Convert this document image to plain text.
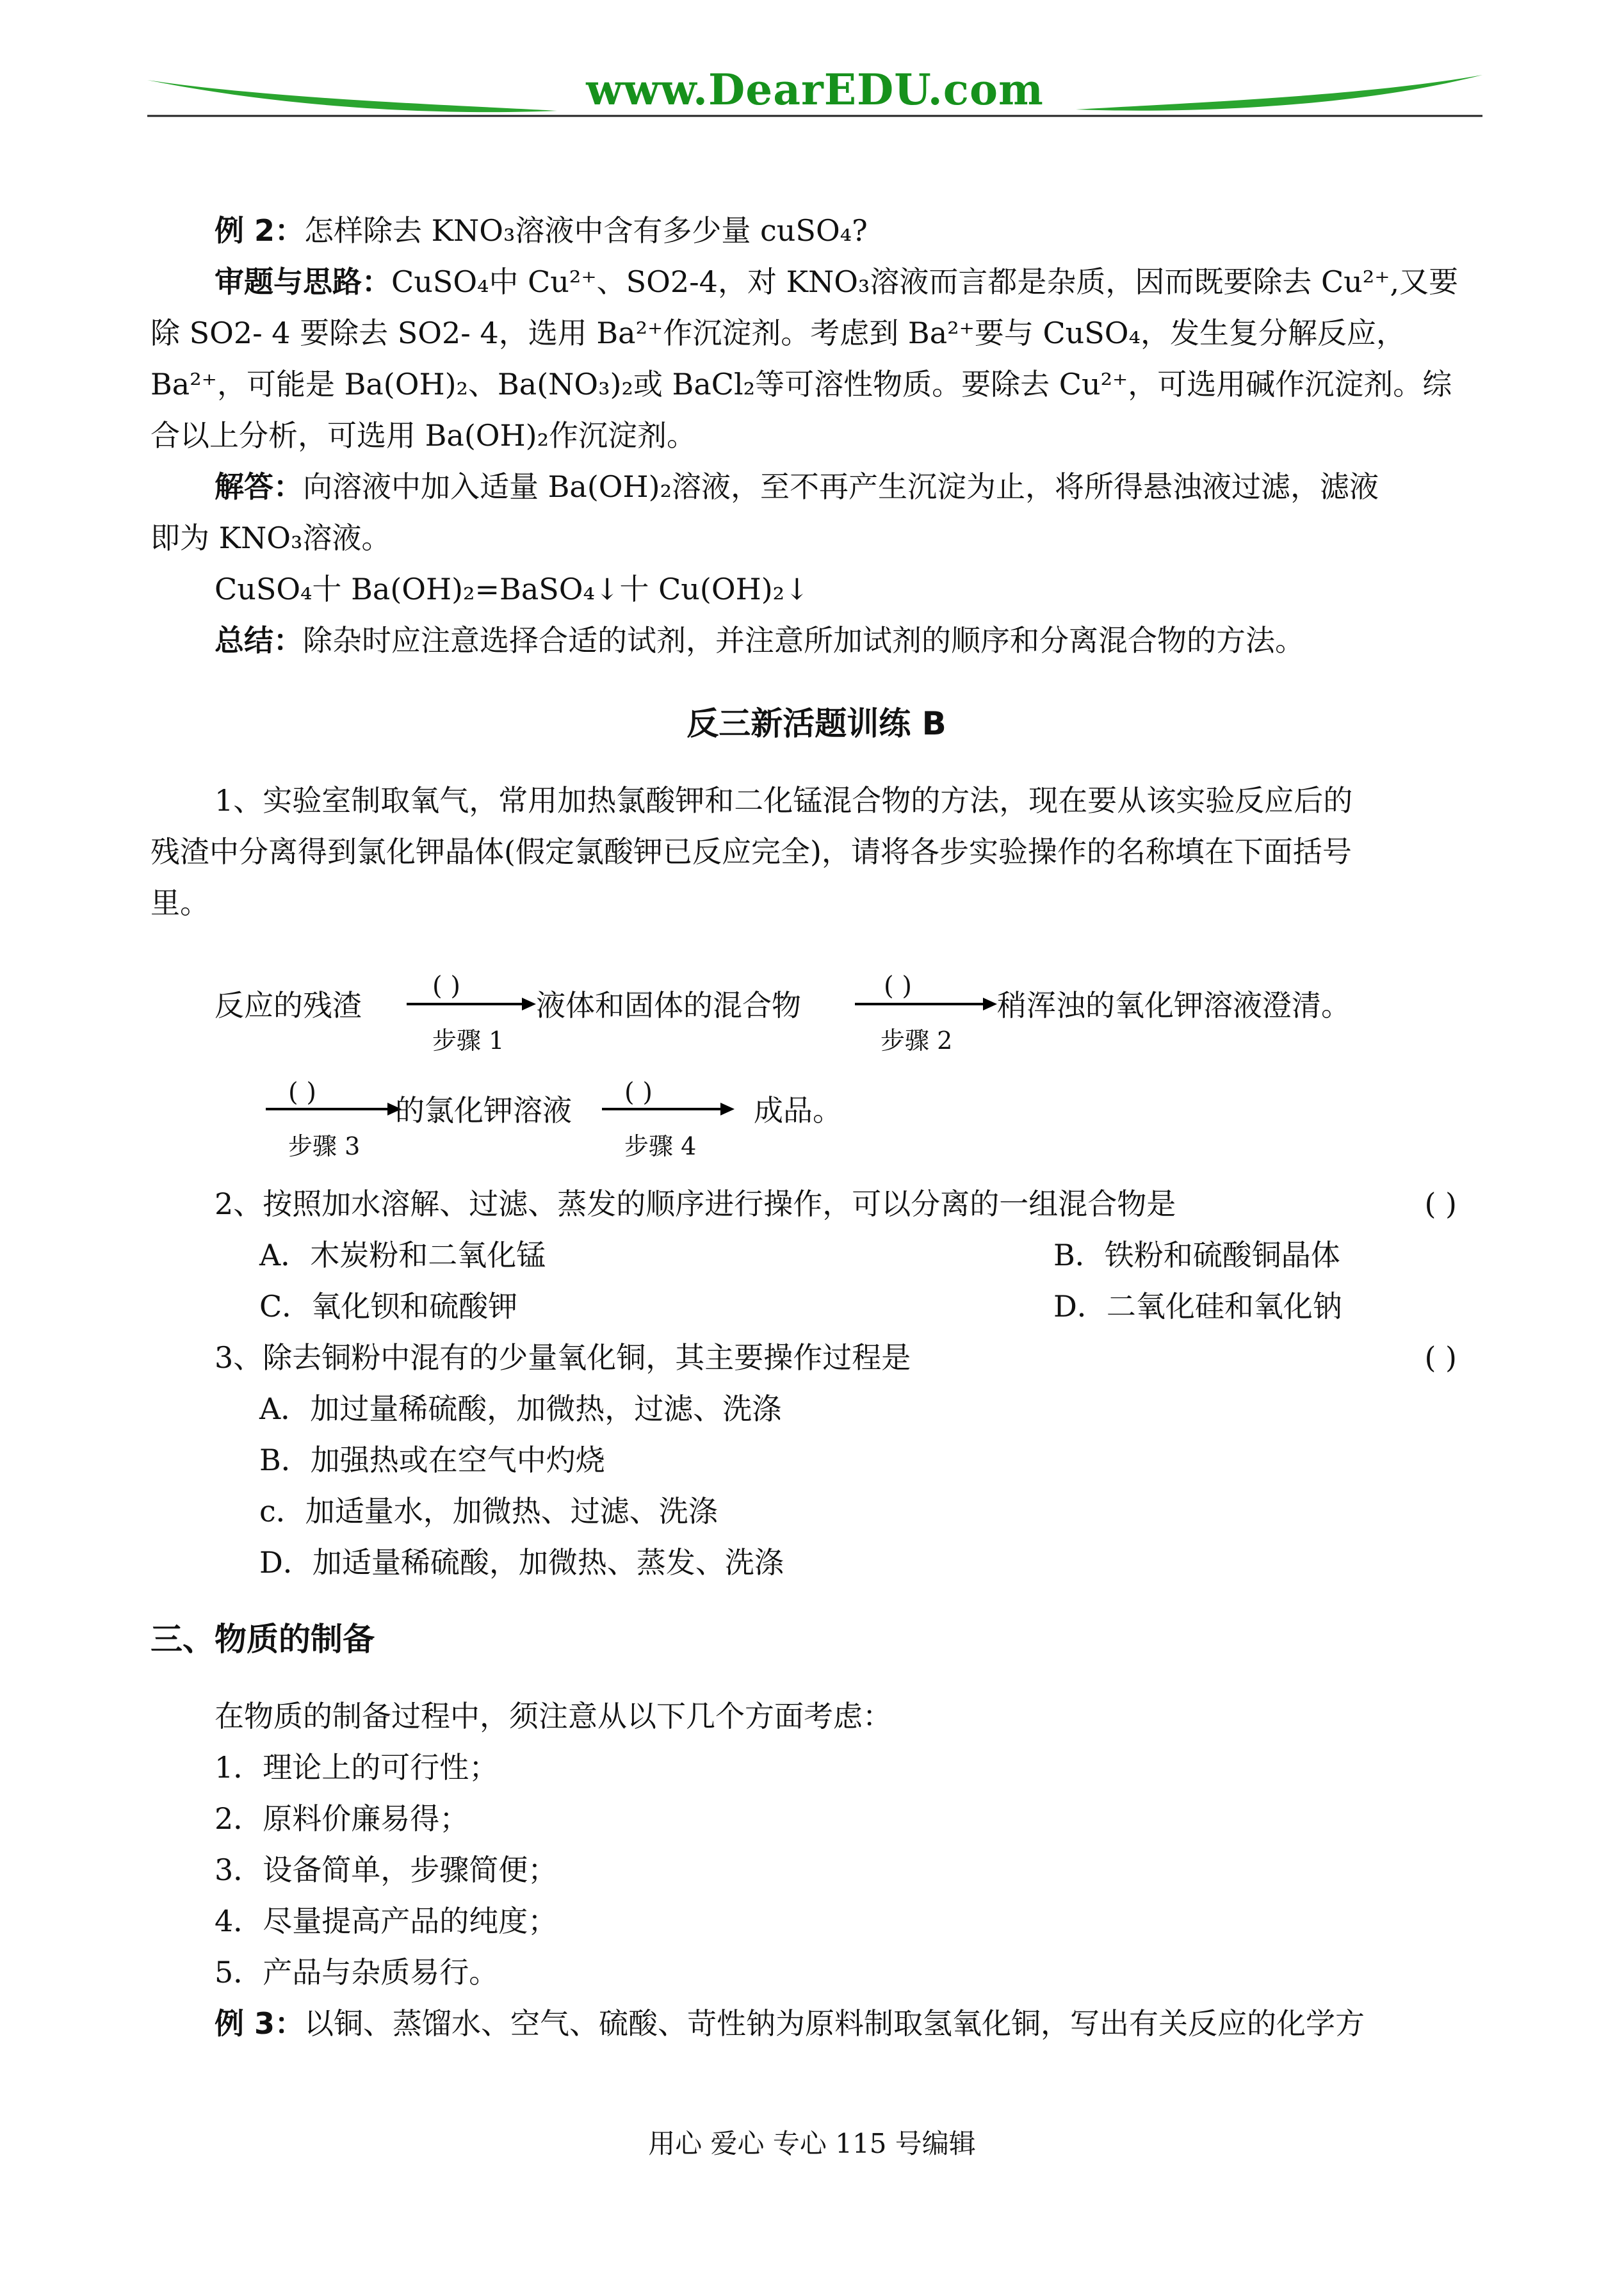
www.DearEDU.com

例 2：怎样除去 KNO₃溶液中含有多少量 cuSO₄?

审题与思路：CuSO₄中 Cu²⁺、SO2-4，对 KNO₃溶液而言都是杂质，因而既要除去 Cu²⁺,又要

除 SO2- 4 要除去 SO2- 4，选用 Ba²⁺作沉淀剂。考虑到 Ba²⁺要与 CuSO₄，发生复分解反应，

Ba²⁺，可能是 Ba(OH)₂、Ba(NO₃)₂或 BaCl₂等可溶性物质。要除去 Cu²⁺，可选用碱作沉淀剂。综

合以上分析，可选用 Ba(OH)₂作沉淀剂。

解答：向溶液中加入适量 Ba(OH)₂溶液，至不再产生沉淀为止，将所得悬浊液过滤，滤液

即为 KNO₃溶液。

CuSO₄十 Ba(OH)₂=BaSO₄↓十 Cu(OH)₂↓

总结：除杂时应注意选择合适的试剂，并注意所加试剂的顺序和分离混合物的方法。

反三新活题训练 B

1、实验室制取氧气，常用加热氯酸钾和二化锰混合物的方法，现在要从该实验反应后的

残渣中分离得到氯化钾晶体(假定氯酸钾已反应完全)，请将各步实验操作的名称填在下面括号

里。

反应的残渣
( )
步骤 1
液体和固体的混合物
( )
步骤 2
稍浑浊的氧化钾溶液澄清。
( )
步骤 3
的氯化钾溶液
( )
步骤 4
成品。
2、按照加水溶解、过滤、蒸发的顺序进行操作，可以分离的一组混合物是	( )
A．木炭粉和二氧化锰	B．铁粉和硫酸铜晶体
C．氧化钡和硫酸钾	D．二氧化硅和氧化钠
3、除去铜粉中混有的少量氧化铜，其主要操作过程是	( )

A．加过量稀硫酸，加微热，过滤、洗涤

B．加强热或在空气中灼烧

c．加适量水，加微热、过滤、洗涤

D．加适量稀硫酸，加微热、蒸发、洗涤

三、物质的制备

在物质的制备过程中，须注意从以下几个方面考虑：

1．理论上的可行性；

2．原料价廉易得；

3．设备简单，步骤简便；

4．尽量提高产品的纯度；

5．产品与杂质易行。

例 3：以铜、蒸馏水、空气、硫酸、苛性钠为原料制取氢氧化铜，写出有关反应的化学方

用心 爱心 专心 115 号编辑
